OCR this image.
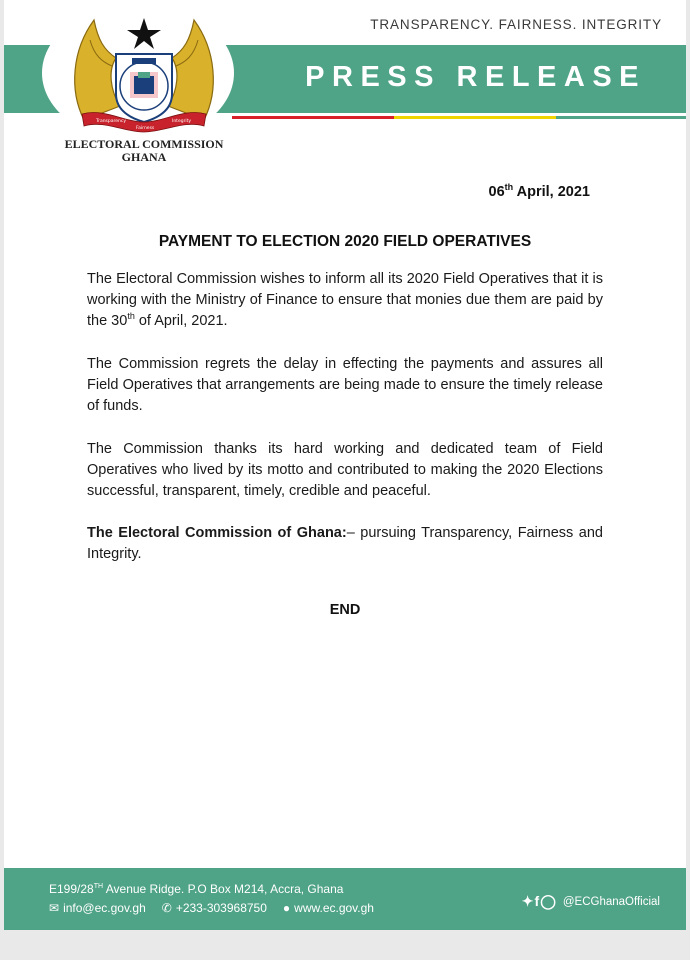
PRESS RELEASE
TRANSPARENCY. FAIRNESS. INTEGRITY
Transparency
Fairness
Integrity
ELECTORAL COMMISSION
GHANA
06th April, 2021
PAYMENT TO ELECTION 2020 FIELD OPERATIVES
The Electoral Commission wishes to inform all its 2020 Field Operatives that it is working with the Ministry of Finance to ensure that monies due them are paid by the 30th of April, 2021.
The Commission regrets the delay in effecting the payments and assures all Field Operatives that arrangements are being made to ensure the timely release of funds.
The Commission thanks its hard working and dedicated team of Field Operatives who lived by its motto and contributed to making the 2020 Elections successful, transparent, timely, credible and peaceful.
The Electoral Commission of Ghana:– pursuing Transparency, Fairness and Integrity.
END
E199/28TH Avenue Ridge. P.O Box M214, Accra, Ghana
✉ info@ec.gov.gh ✆ +233-303968750 ● www.ec.gov.gh	✦f◯ @ECGhanaOfficial
